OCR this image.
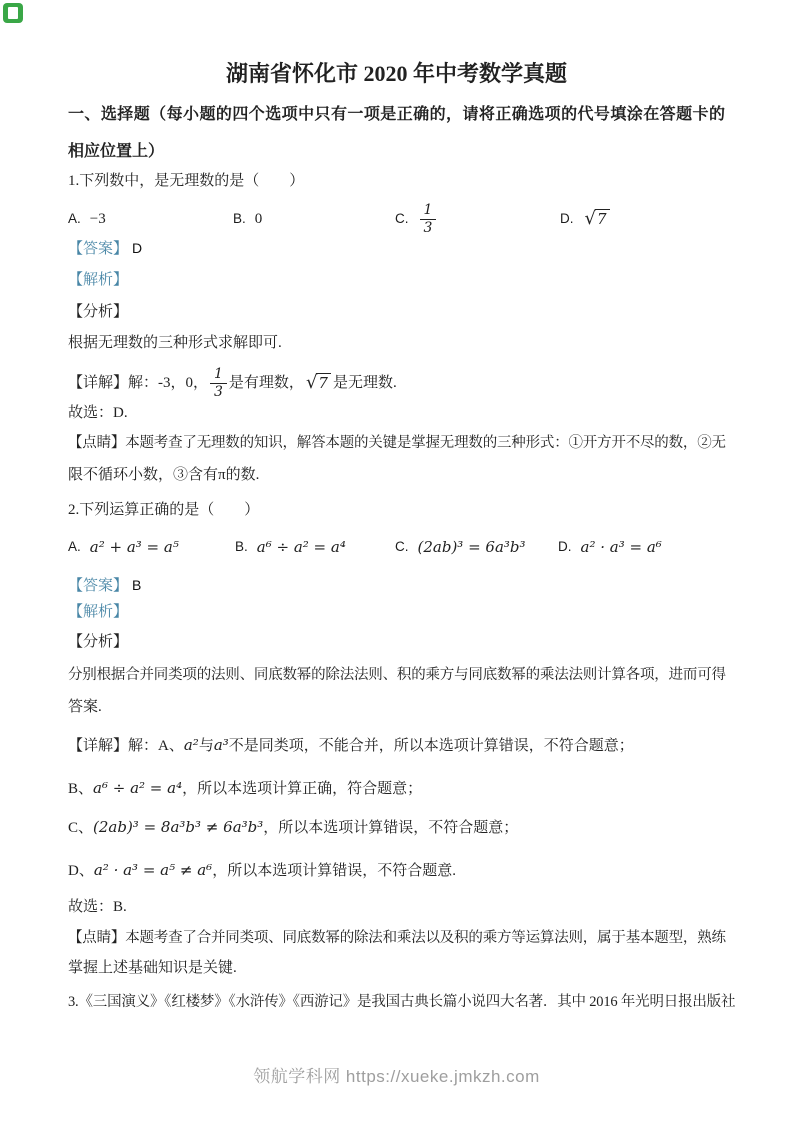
湖南省怀化市 2020 年中考数学真题
一、选择题（每小题的四个选项中只有一项是正确的，请将正确选项的代号填涂在答题卡的
相应位置上）
1.下列数中，是无理数的是（　　）
A. −3	B. 0	C. $\frac{1}{3}$	D. √ 7
【答案】 D
【解析】
【分析】
根据无理数的三种形式求解即可.
【详解】解：-3，0， $\frac{1}{3}$ 是有理数， √ 7 是无理数.
故选：D.
【点睛】本题考查了无理数的知识，解答本题的关键是掌握无理数的三种形式：①开方开不尽的数，②无
限不循环小数，③含有π的数.
2.下列运算正确的是（　　）
A. a² + a³ = a⁵	B. a⁶ ÷ a² = a⁴	C. (2ab)³ = 6a³b³ D. a² · a³ = a⁶
【答案】 B
【解析】
【分析】
分别根据合并同类项的法则、同底数幂的除法法则、积的乘方与同底数幂的乘法法则计算各项，进而可得
答案.
【详解】解：A、a²与a³不是同类项，不能合并，所以本选项计算错误，不符合题意；
B、a⁶ ÷ a² = a⁴，所以本选项计算正确，符合题意；
C、(2ab)³ = 8a³b³ ≠ 6a³b³，所以本选项计算错误，不符合题意；
D、a² · a³ = a⁵ ≠ a⁶，所以本选项计算错误，不符合题意.
故选：B.
【点睛】本题考查了合并同类项、同底数幂的除法和乘法以及积的乘方等运算法则，属于基本题型，熟练
掌握上述基础知识是关键.
3.《三国演义》《红楼梦》《水浒传》《西游记》是我国古典长篇小说四大名著．其中 2016 年光明日报出版社
领航学科网 https://xueke.jmkzh.com
